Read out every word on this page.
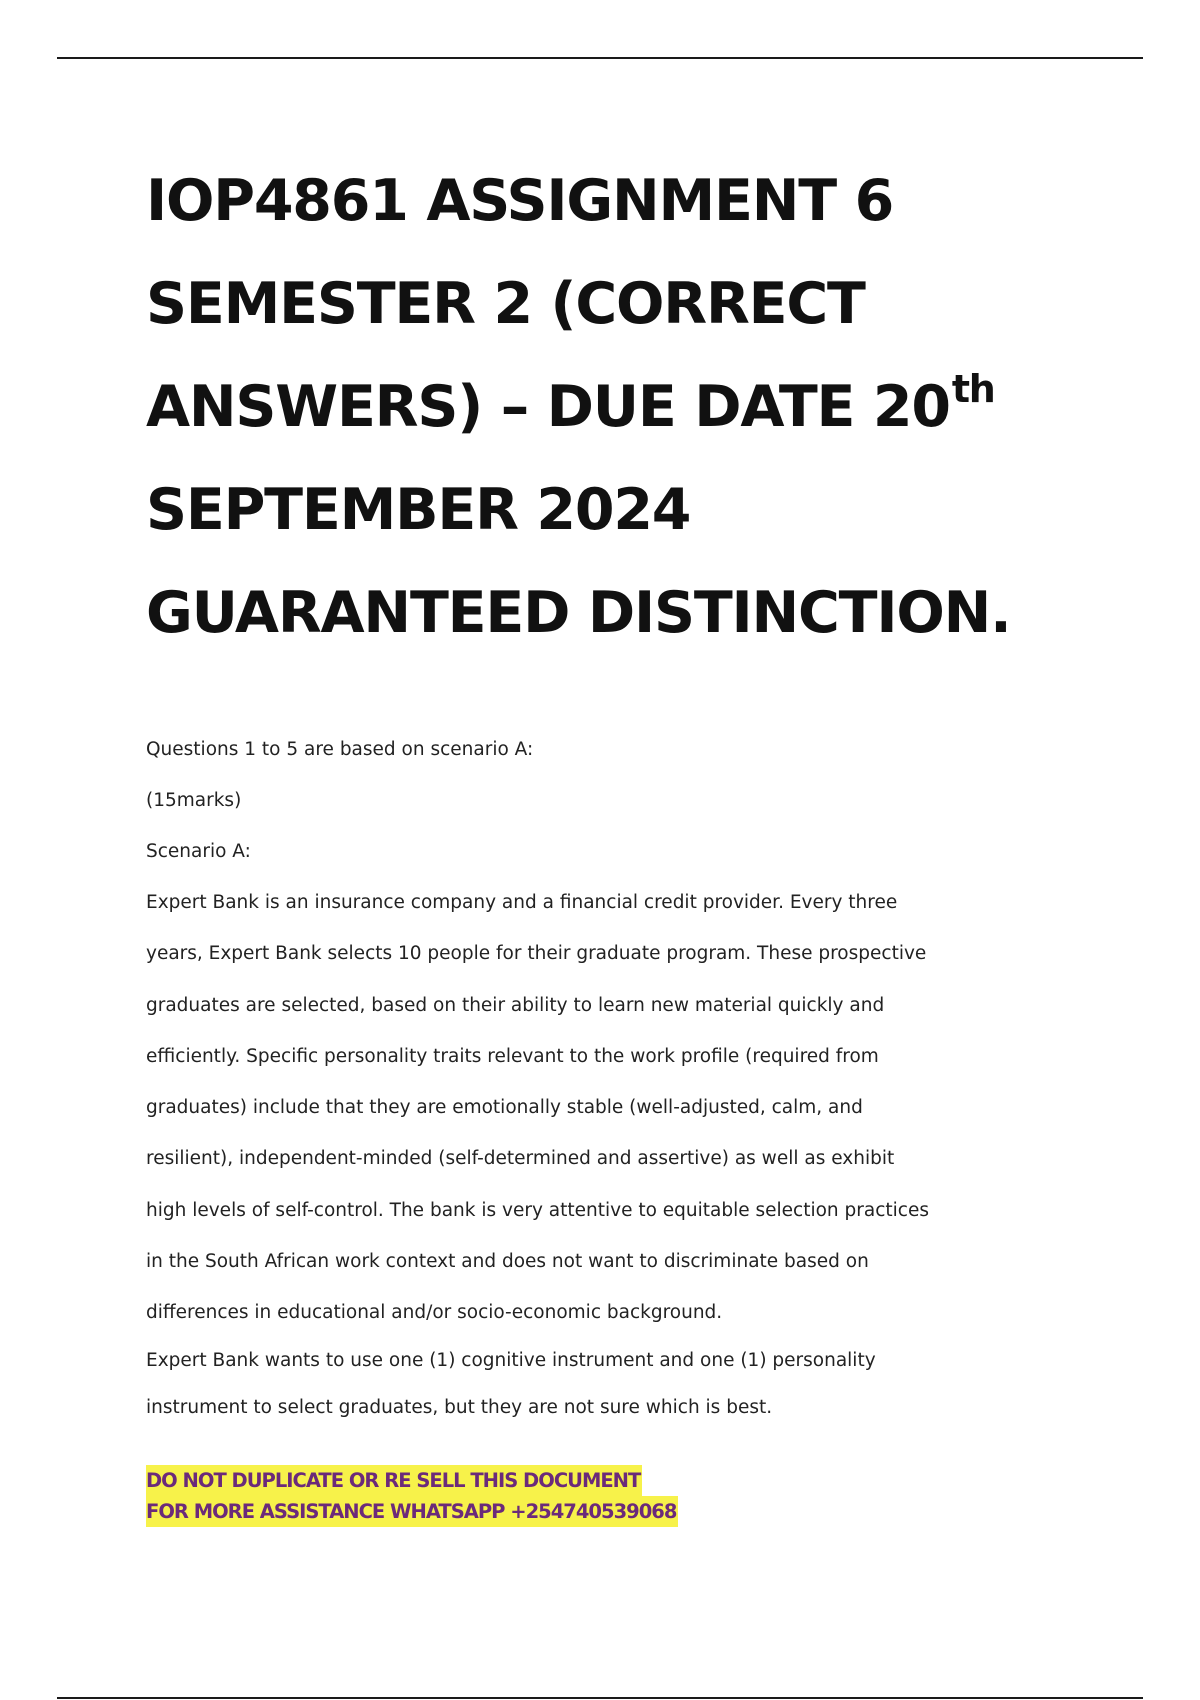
IOP4861 ASSIGNMENT 6
SEMESTER 2 (CORRECT
ANSWERS) – DUE DATE 20th
SEPTEMBER 2024
GUARANTEED DISTINCTION.

Questions 1 to 5 are based on scenario A:

(15marks)

Scenario A:

Expert Bank is an insurance company and a financial credit provider. Every three

years, Expert Bank selects 10 people for their graduate program. These prospective

graduates are selected, based on their ability to learn new material quickly and

efficiently. Specific personality traits relevant to the work profile (required from

graduates) include that they are emotionally stable (well-adjusted, calm, and

resilient), independent-minded (self-determined and assertive) as well as exhibit

high levels of self-control. The bank is very attentive to equitable selection practices

in the South African work context and does not want to discriminate based on

differences in educational and/or socio-economic background.

Expert Bank wants to use one (1) cognitive instrument and one (1) personality

instrument to select graduates, but they are not sure which is best.

DO NOT DUPLICATE OR RE SELL THIS DOCUMENT
FOR MORE ASSISTANCE WHATSAPP +254740539068
